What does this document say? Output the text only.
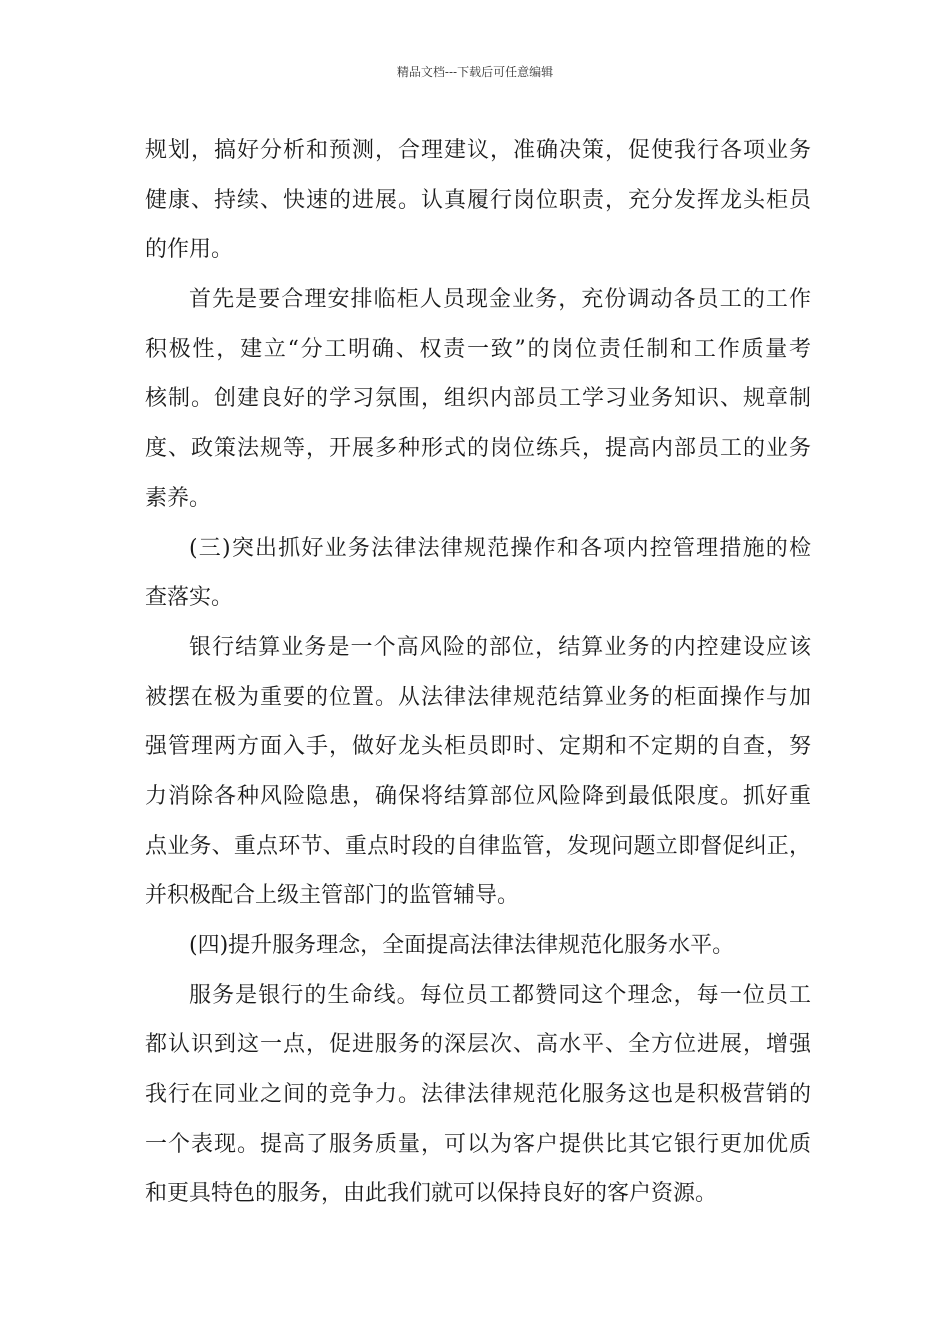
精品文档---下载后可任意编辑
规划，搞好分析和预测，合理建议，准确决策，促使我行各项业务
健康、持续、快速的进展。认真履行岗位职责，充分发挥龙头柜员
的作用。
首先是要合理安排临柜人员现金业务，充份调动各员工的工作
积极性，建立“分工明确、权责一致”的岗位责任制和工作质量考
核制。创建良好的学习氛围，组织内部员工学习业务知识、规章制
度、政策法规等，开展多种形式的岗位练兵，提高内部员工的业务
素养。
(三)突出抓好业务法律法律规范操作和各项内控管理措施的检
查落实。
银行结算业务是一个高风险的部位，结算业务的内控建设应该
被摆在极为重要的位置。从法律法律规范结算业务的柜面操作与加
强管理两方面入手，做好龙头柜员即时、定期和不定期的自查，努
力消除各种风险隐患，确保将结算部位风险降到最低限度。抓好重
点业务、重点环节、重点时段的自律监管，发现问题立即督促纠正，
并积极配合上级主管部门的监管辅导。
(四)提升服务理念，全面提高法律法律规范化服务水平。
服务是银行的生命线。每位员工都赞同这个理念，每一位员工
都认识到这一点，促进服务的深层次、高水平、全方位进展，增强
我行在同业之间的竞争力。法律法律规范化服务这也是积极营销的
一个表现。提高了服务质量，可以为客户提供比其它银行更加优质
和更具特色的服务，由此我们就可以保持良好的客户资源。
